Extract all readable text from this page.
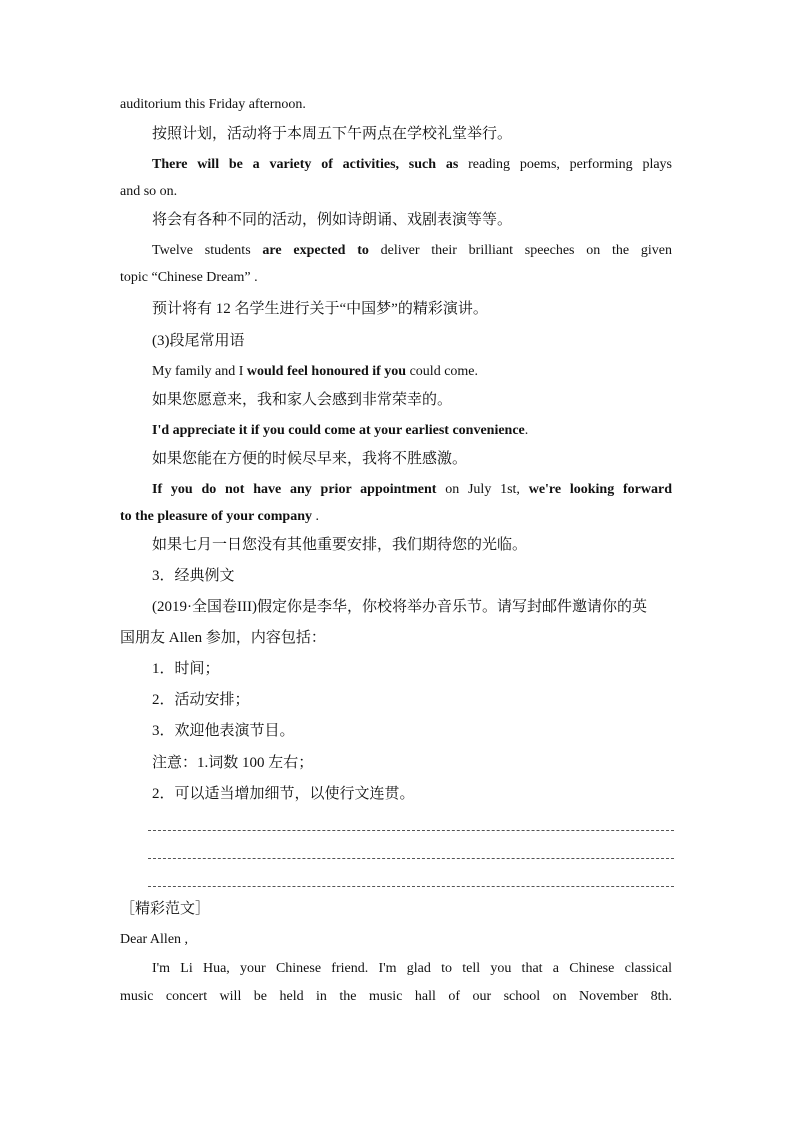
auditorium this Friday afternoon.
按照计划，活动将于本周五下午两点在学校礼堂举行。
There will be a variety of activities, such as reading poems, performing plays
and so on.
将会有各种不同的活动，例如诗朗诵、戏剧表演等等。
Twelve students are expected to deliver their brilliant speeches on the given
topic “Chinese Dream” .
预计将有 12 名学生进行关于“中国梦”的精彩演讲。
(3)段尾常用语
My family and I would feel honoured if you could come.
如果您愿意来，我和家人会感到非常荣幸的。
I'd appreciate it if you could come at your earliest convenience.
如果您能在方便的时候尽早来，我将不胜感激。
If you do not have any prior appointment on July 1st, we're looking forward
to the pleasure of your company .
如果七月一日您没有其他重要安排，我们期待您的光临。
3．经典例文
(2019·全国卷III)假定你是李华，你校将举办音乐节。请写封邮件邀请你的英
国朋友 Allen 参加，内容包括：
1．时间；
2．活动安排；
3．欢迎他表演节目。
注意：1.词数 100 左右；
2．可以适当增加细节，以使行文连贯。
［精彩范文］
Dear Allen ,
I'm Li Hua, your Chinese friend. I'm glad to tell you that a Chinese classical
music concert will be held in the music hall of our school on November 8th.
